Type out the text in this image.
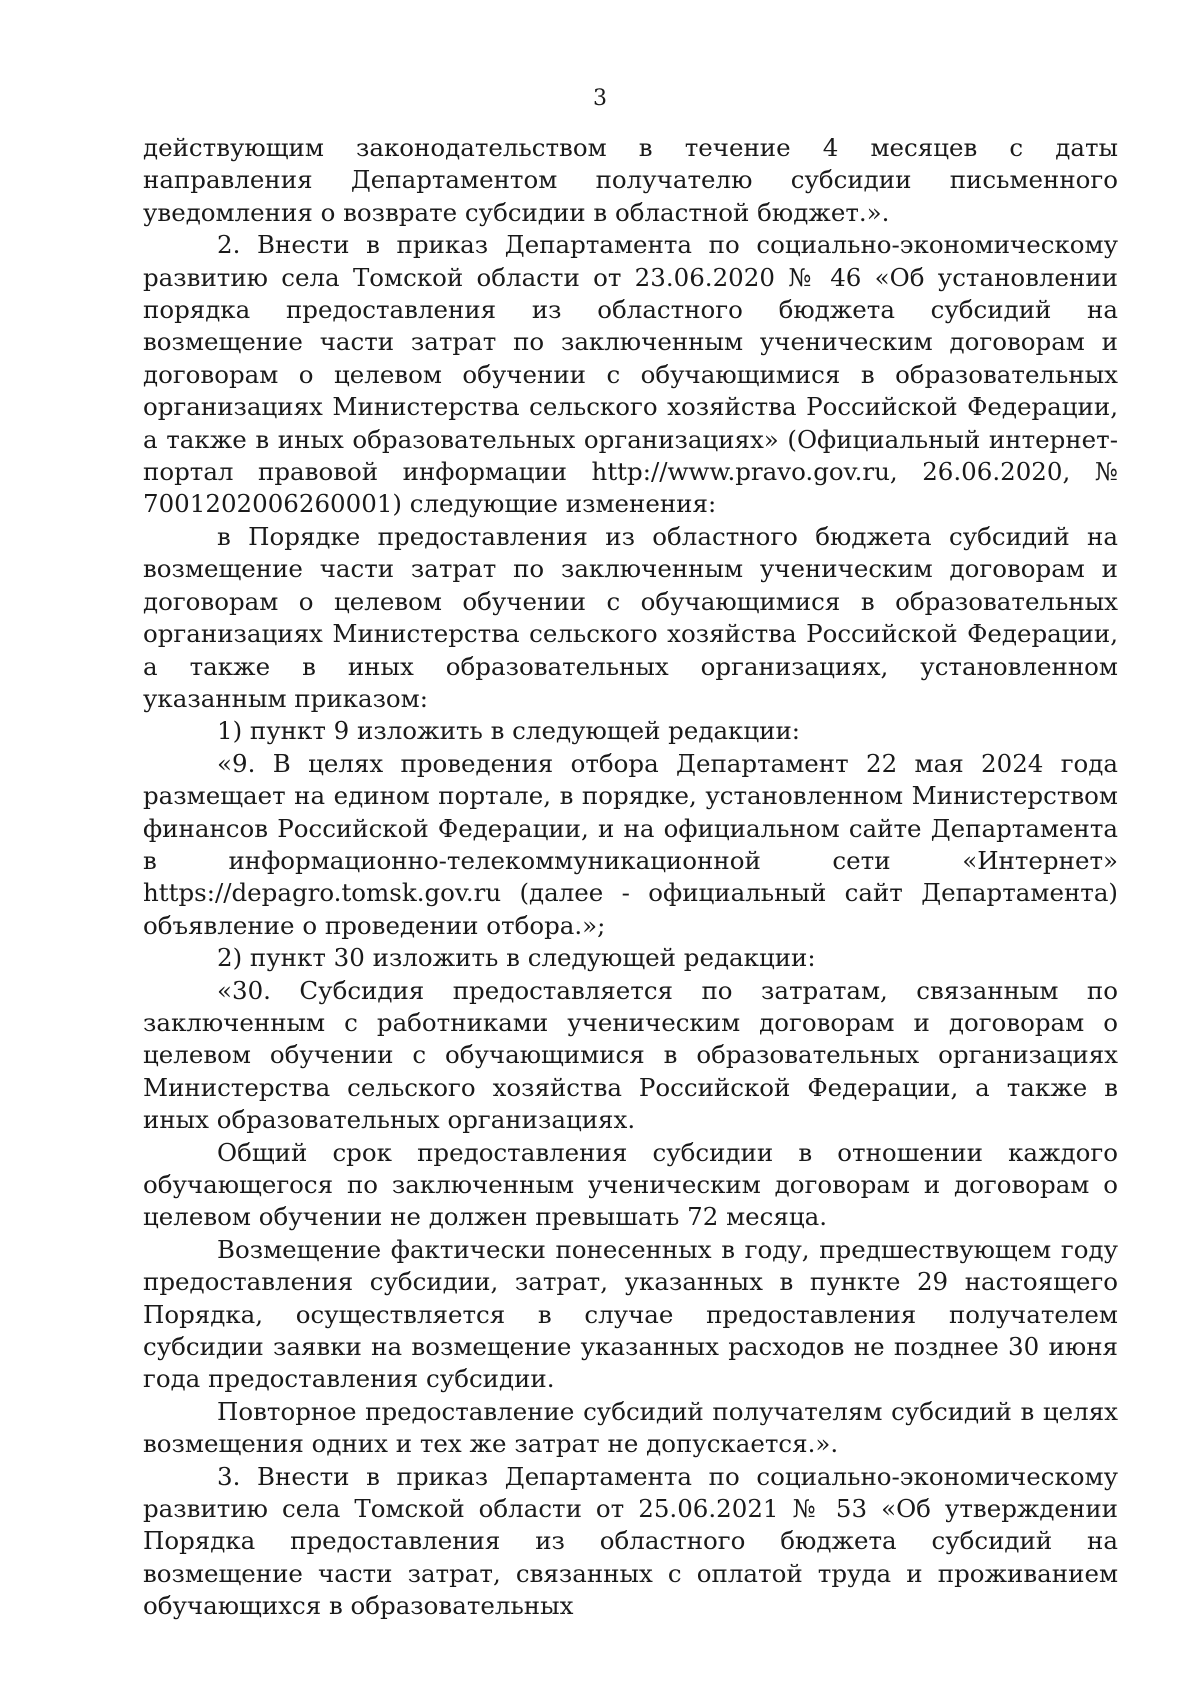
3

действующим законодательством в течение 4 месяцев с даты направления Департаментом получателю субсидии письменного уведомления о возврате субсидии в областной бюджет.».

2. Внести в приказ Департамента по социально-экономическому развитию села Томской области от 23.06.2020 № 46 «Об установлении порядка предоставления из областного бюджета субсидий на возмещение части затрат по заключенным ученическим договорам и договорам о целевом обучении с обучающимися в образовательных организациях Министерства сельского хозяйства Российской Федерации, а также в иных образовательных организациях» (Официальный интернет-портал правовой информации http://www.pravo.gov.ru, 26.06.2020, № 7001202006260001) следующие изменения:

в Порядке предоставления из областного бюджета субсидий на возмещение части затрат по заключенным ученическим договорам и договорам о целевом обучении с обучающимися в образовательных организациях Министерства сельского хозяйства Российской Федерации, а также в иных образовательных организациях, установленном указанным приказом:

1) пункт 9 изложить в следующей редакции:

«9. В целях проведения отбора Департамент 22 мая 2024 года размещает на едином портале, в порядке, установленном Министерством финансов Российской Федерации, и на официальном сайте Департамента в информационно-телекоммуникационной сети «Интернет» https://depagro.tomsk.gov.ru (далее - официальный сайт Департамента) объявление о проведении отбора.»;

2) пункт 30 изложить в следующей редакции:

«30. Субсидия предоставляется по затратам, связанным по заключенным с работниками ученическим договорам и договорам о целевом обучении с обучающимися в образовательных организациях Министерства сельского хозяйства Российской Федерации, а также в иных образовательных организациях.

Общий срок предоставления субсидии в отношении каждого обучающегося по заключенным ученическим договорам и договорам о целевом обучении не должен превышать 72 месяца.

Возмещение фактически понесенных в году, предшествующем году предоставления субсидии, затрат, указанных в пункте 29 настоящего Порядка, осуществляется в случае предоставления получателем субсидии заявки на возмещение указанных расходов не позднее 30 июня года предоставления субсидии.

Повторное предоставление субсидий получателям субсидий в целях возмещения одних и тех же затрат не допускается.».

3. Внести в приказ Департамента по социально-экономическому развитию села Томской области от 25.06.2021 № 53 «Об утверждении Порядка предоставления из областного бюджета субсидий на возмещение части затрат, связанных с оплатой труда и проживанием обучающихся в образовательных
